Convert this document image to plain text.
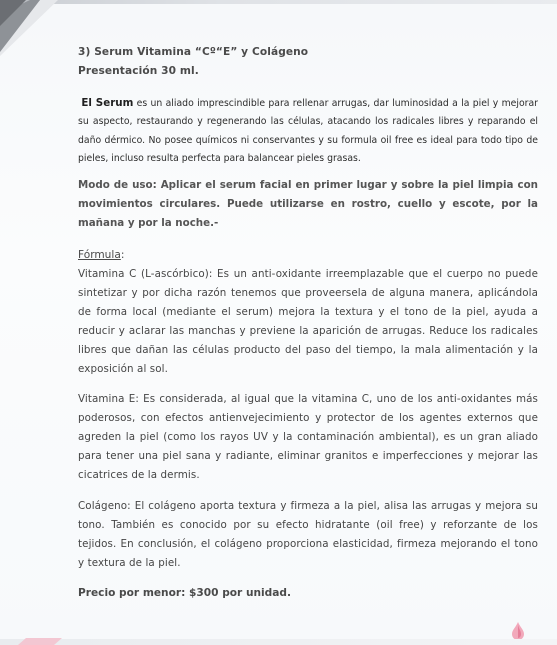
3) Serum Vitamina “Cº“E” y Colágeno
Presentación 30 ml.
El Serum es un aliado imprescindible para rellenar arrugas, dar luminosidad a la piel y mejorar su aspecto, restaurando y regenerando las células, atacando los radicales libres y reparando el daño dérmico. No posee químicos ni conservantes y su formula oil free es ideal para todo tipo de pieles, incluso resulta perfecta para balancear pieles grasas.
Modo de uso: Aplicar el serum facial en primer lugar y sobre la piel limpia con movimientos circulares. Puede utilizarse en rostro, cuello y escote, por la mañana y por la noche.-
Fórmula:
Vitamina C (L-ascórbico): Es un anti-oxidante irreemplazable que el cuerpo no puede sintetizar y por dicha razón tenemos que proveersela de alguna manera, aplicándola de forma local (mediante el serum) mejora la textura y el tono de la piel, ayuda a reducir y aclarar las manchas y previene la aparición de arrugas. Reduce los radicales libres que dañan las células producto del paso del tiempo, la mala alimentación y la exposición al sol.
Vitamina E: Es considerada, al igual que la vitamina C, uno de los anti-oxidantes más poderosos, con efectos antienvejecimiento y protector de los agentes externos que agreden la piel (como los rayos UV y la contaminación ambiental), es un gran aliado para tener una piel sana y radiante, eliminar granitos e imperfecciones y mejorar las cicatrices de la dermis.
Colágeno: El colágeno aporta textura y firmeza a la piel, alisa las arrugas y mejora su tono. También es conocido por su efecto hidratante (oil free) y reforzante de los tejidos. En conclusión, el colágeno proporciona elasticidad, firmeza mejorando el tono y textura de la piel.
Precio por menor: $300 por unidad.
